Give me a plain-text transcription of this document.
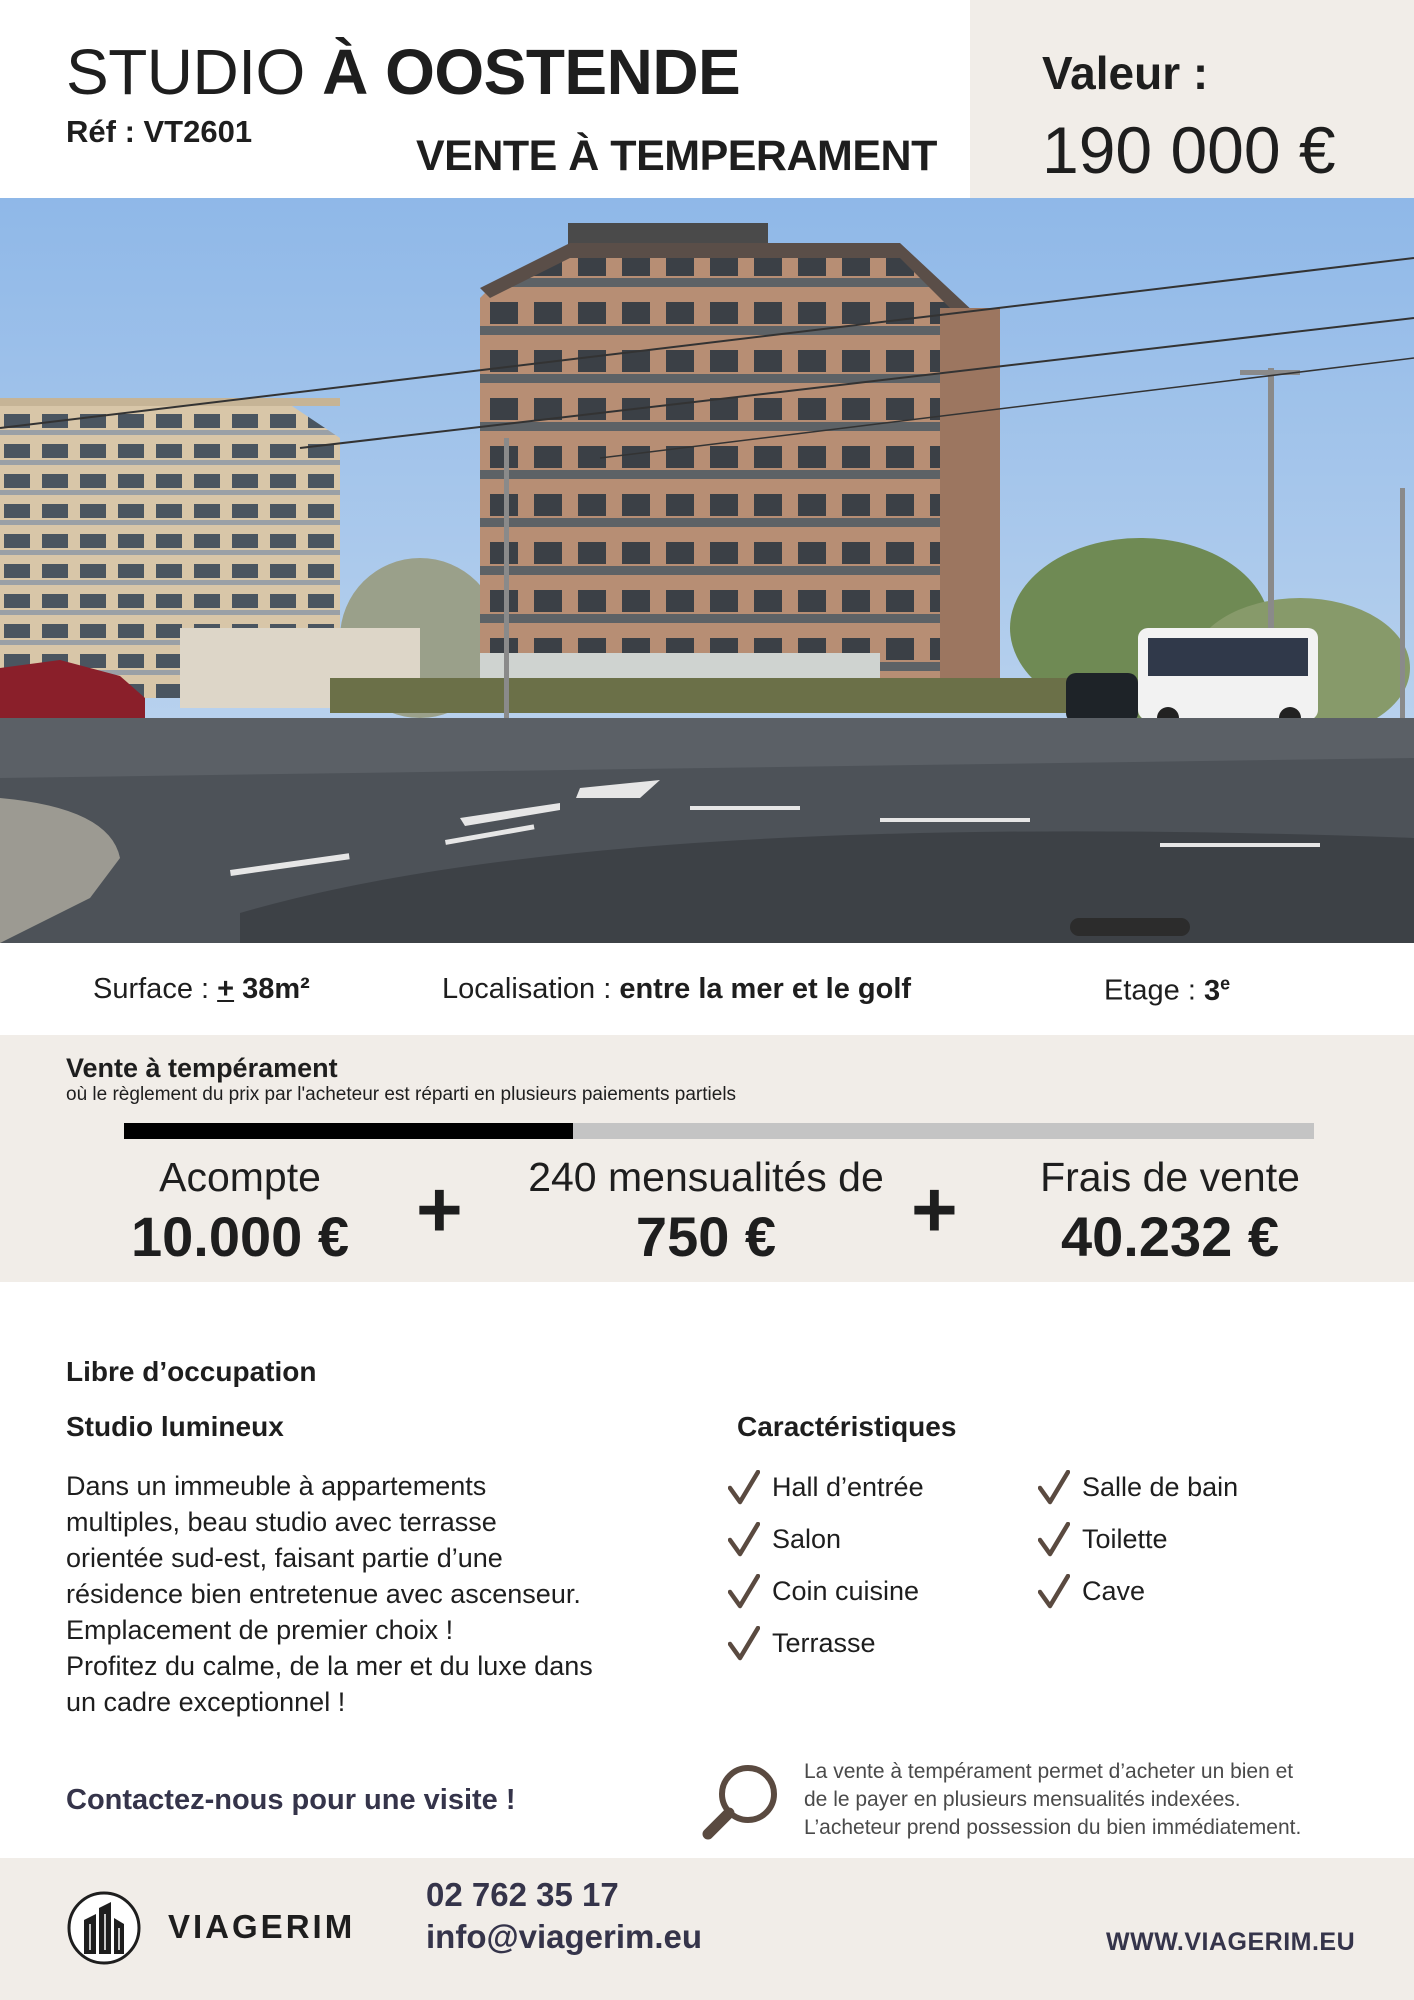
STUDIO À OOSTENDE
Réf : VT2601
VENTE À TEMPERAMENT
Valeur :
190 000 €
Surface : + 38m²	Localisation : entre la mer et le golf	Etage : 3e
Vente à tempérament
où le règlement du prix par l'acheteur est réparti en plusieurs paiements partiels
Acompte
10.000 € +	240 mensualités de
750 €	+	Frais de vente
40.232 €
Libre d’occupation
Studio lumineux
Dans un immeuble à appartements
multiples, beau studio avec terrasse
orientée sud-est, faisant partie d’une
résidence bien entretenue avec ascenseur.
Emplacement de premier choix !
Profitez du calme, de la mer et du luxe dans
un cadre exceptionnel !
Contactez-nous pour une visite !
Caractéristiques
Hall d’entrée
Salon
Coin cuisine
Terrasse
Salle de bain
Toilette
Cave
La vente à tempérament permet d’acheter un bien et
de le payer en plusieurs mensualités indexées.
L’acheteur prend possession du bien immédiatement.
VIAGERIM
02 762 35 17
info@viagerim.eu	WWW.VIAGERIM.EU
